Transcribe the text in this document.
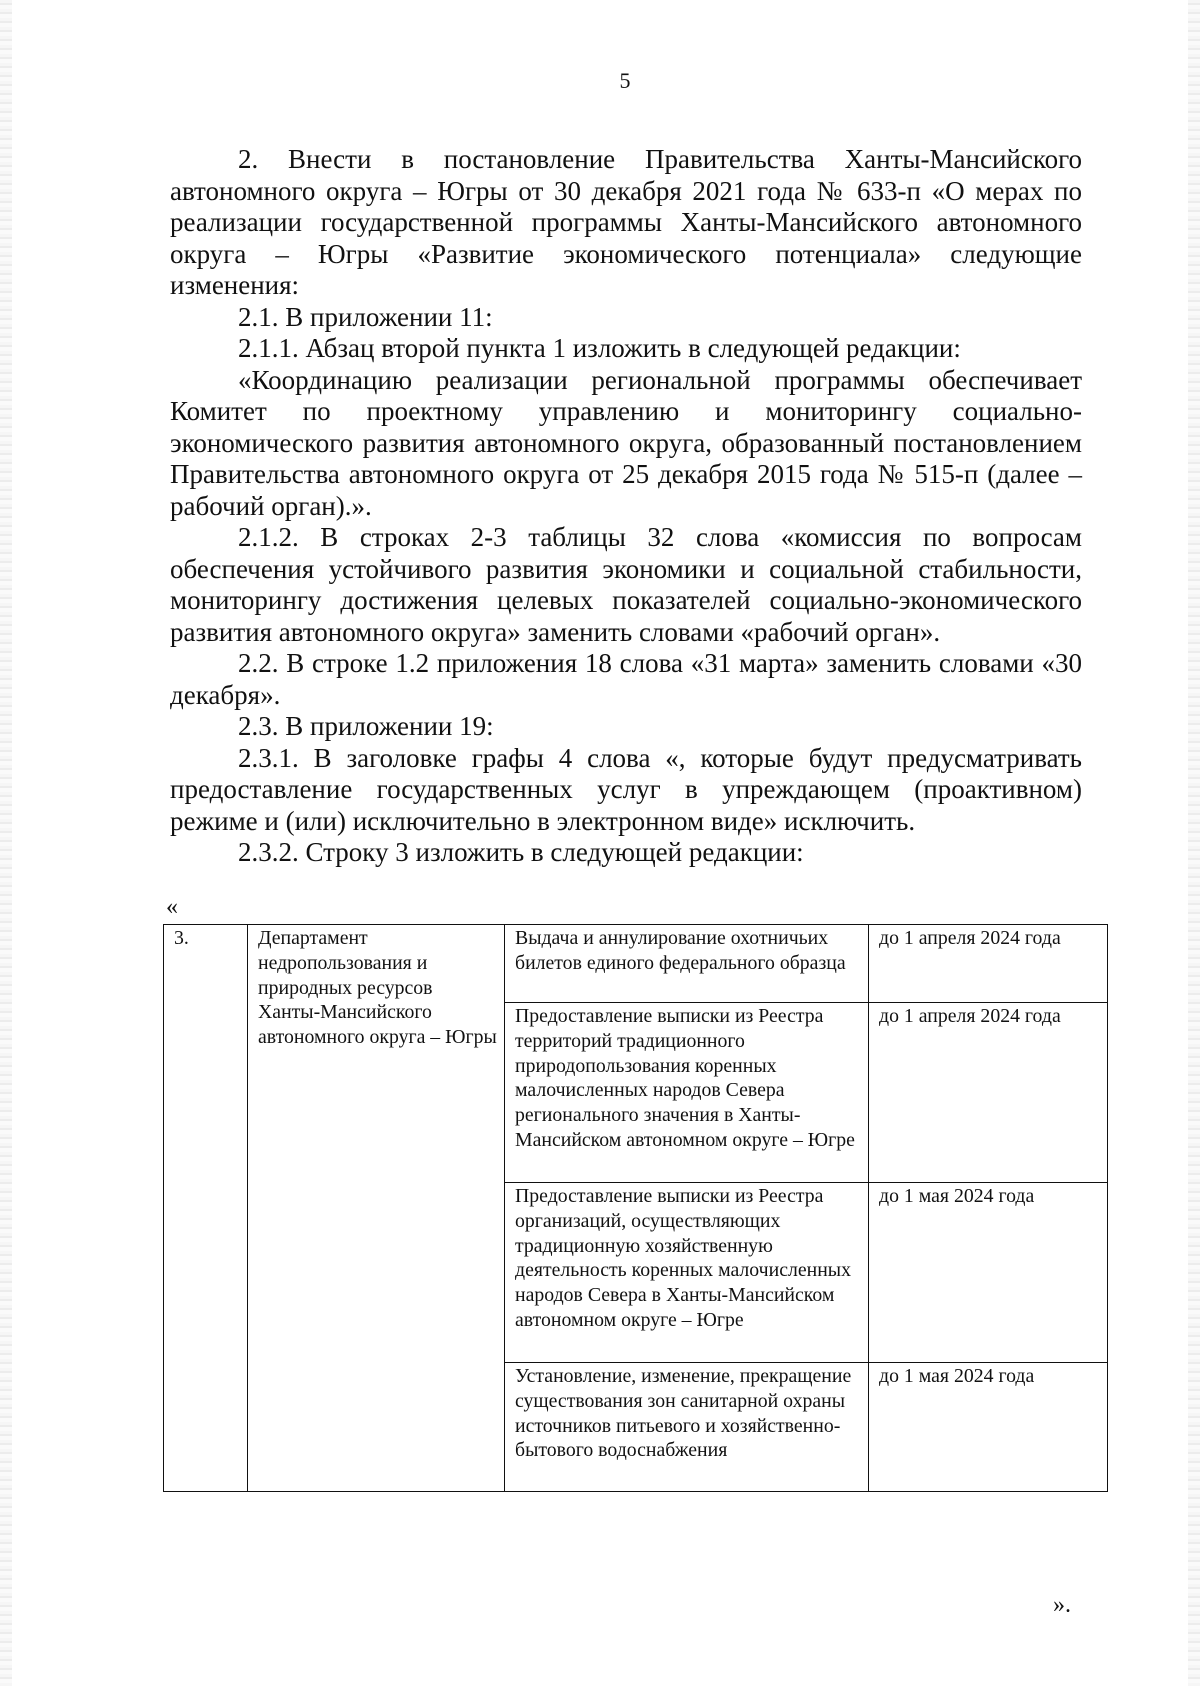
5

2. Внести в постановление Правительства Ханты-Мансийского автономного округа – Югры от 30 декабря 2021 года № 633-п «О мерах по реализации государственной программы Ханты-Мансийского автономного округа – Югры «Развитие экономического потенциала» следующие изменения:

2.1. В приложении 11:

2.1.1. Абзац второй пункта 1 изложить в следующей редакции:

«Координацию реализации региональной программы обеспечивает Комитет по проектному управлению и мониторингу социально-экономического развития автономного округа, образованный постановлением Правительства автономного округа от 25 декабря 2015 года № 515-п (далее – рабочий орган).».

2.1.2. В строках 2-3 таблицы 32 слова «комиссия по вопросам обеспечения устойчивого развития экономики и социальной стабильности, мониторингу достижения целевых показателей социально-экономического развития автономного округа» заменить словами «рабочий орган».

2.2. В строке 1.2 приложения 18 слова «31 марта» заменить словами «30 декабря».

2.3. В приложении 19:

2.3.1. В заголовке графы 4 слова «, которые будут предусматривать предоставление государственных услуг в упреждающем (проактивном) режиме и (или) исключительно в электронном виде» исключить.

2.3.2. Строку 3 изложить в следующей редакции:

«
3.	Департамент недропользования и природных ресурсов Ханты-Мансийского автономного округа – Югры	Выдача и аннулирование охотничьих билетов единого федерального образца	до 1 апреля 2024 года
		Предоставление выписки из Реестра территорий традиционного природопользования коренных малочисленных народов Севера регионального значения в Ханты-Мансийском автономном округе – Югре	до 1 апреля 2024 года
		Предоставление выписки из Реестра организаций, осуществляющих традиционную хозяйственную деятельность коренных малочисленных народов Севера в Ханты-Мансийском автономном округе – Югре	до 1 мая 2024 года
		Установление, изменение, прекращение существования зон санитарной охраны источников питьевого и хозяйственно-бытового водоснабжения	до 1 мая 2024 года
».
